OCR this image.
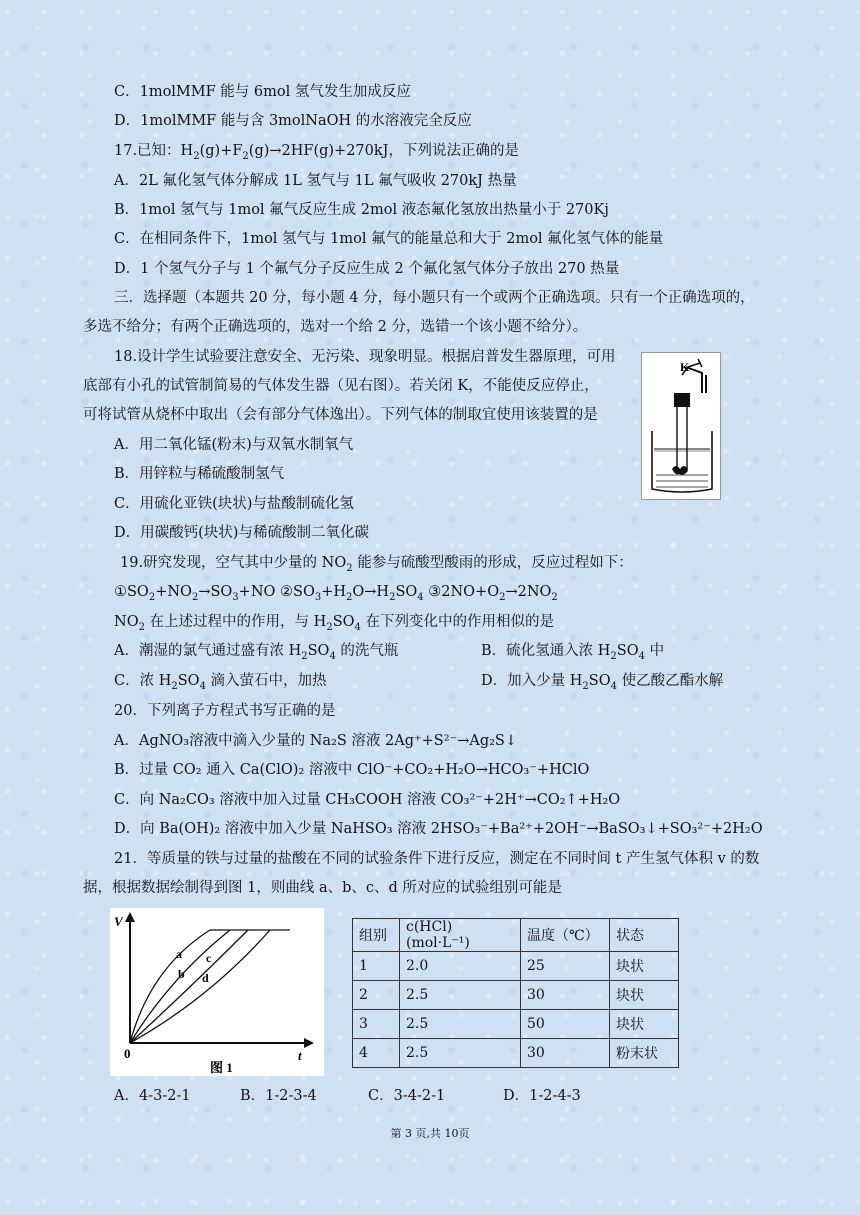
C．1molMMF 能与 6mol 氢气发生加成反应
D．1molMMF 能与含 3molNaOH 的水溶液完全反应
17.已知：$H_2(g)+F_2(g)\to 2HF(g)+270kJ$，下列说法正确的是
A．2L 氟化氢气体分解成 1L 氢气与 1L 氟气吸收 270kJ 热量
B．1mol 氢气与 1mol 氟气反应生成 2mol 液态氟化氢放出热量小于 270Kj
C．在相同条件下，1mol 氢气与 1mol 氟气的能量总和大于 2mol 氟化氢气体的能量
D．1 个氢气分子与 1 个氟气分子反应生成 2 个氟化氢气体分子放出 270 热量
三．选择题（本题共 20 分，每小题 4 分，每小题只有一个或两个正确选项。只有一个正确选项的，
多选不给分；有两个正确选项的，选对一个给 2 分，选错一个该小题不给分）。
18.设计学生试验要注意安全、无污染、现象明显。根据启普发生器原理，可用
底部有小孔的试管制简易的气体发生器（见右图）。若关闭 K，不能使反应停止，
可将试管从烧杯中取出（会有部分气体逸出）。下列气体的制取宜使用该装置的是
A．用二氧化锰(粉末)与双氧水制氧气
B．用锌粒与稀硫酸制氢气
C．用硫化亚铁(块状)与盐酸制硫化氢
D．用碳酸钙(块状)与稀硫酸制二氧化碳
K
19.研究发现，空气其中少量的 $NO_2$ 能参与硫酸型酸雨的形成，反应过程如下：
$①SO_2+NO_2\to SO_3+NO$ $②SO_3+H_2O\to H_2SO_4$ $③2NO+O_2\to 2NO_2$
$NO_2$ 在上述过程中的作用，与 $H_2SO_4$ 在下列变化中的作用相似的是
A．潮湿的氯气通过盛有浓 $H_2SO_4$ 的洗气瓶	B．硫化氢通入浓 $H_2SO_4$ 中
C．浓 $H_2SO_4$ 滴入萤石中，加热	D．加入少量 $H_2SO_4$ 使乙酸乙酯水解
20．下列离子方程式书写正确的是
A．AgNO₃溶液中滴入少量的 Na₂S 溶液 2Ag⁺+S²⁻→Ag₂S↓
B．过量 CO₂ 通入 Ca(ClO)₂ 溶液中 ClO⁻+CO₂+H₂O→HCO₃⁻+HClO
C．向 Na₂CO₃ 溶液中加入过量 CH₃COOH 溶液 CO₃²⁻+2H⁺→CO₂↑+H₂O
D．向 Ba(OH)₂ 溶液中加入少量 NaHSO₃ 溶液 2HSO₃⁻+Ba²⁺+2OH⁻→BaSO₃↓+SO₃²⁻+2H₂O
21．等质量的铁与过量的盐酸在不同的试验条件下进行反应，测定在不同时间 t 产生氢气体积 v 的数
据，根据数据绘制得到图 1，则曲线 a、b、c、d 所对应的试验组别可能是
V
t
0
图 1
a
b
c
d
组别	c(HCl)(mol·L⁻¹)	温度（℃）	状态
1	2.0	25	块状
2	2.5	30	块状
3	2.5	50	块状
4	2.5	30	粉末状
A．4-3-2-1	B．1-2-3-4	C．3-4-2-1	D．1-2-4-3
第 3 页,共 10页
